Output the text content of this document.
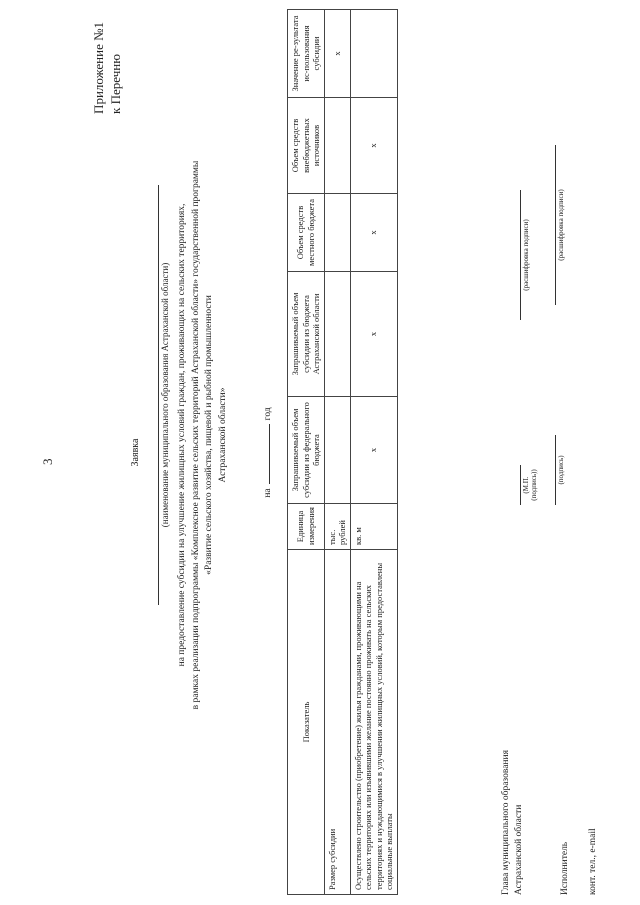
3
Приложение №1 к Перечню
Заявка (наименование муниципального образования Астраханской области) на предоставление субсидии на улучшение жилищных условий граждан, проживающих на сельских территориях, в рамках реализации подпрограммы «Комплексное развитие сельских территорий Астраханской области» государственной программы «Развитие сельского хозяйства, пищевой и рыбной промышленности Астраханской области»
нагод
Показатель	Единица измерения	Запрашиваемый объем субсидии из федерального бюджета	Запрашиваемый объем субсидии из бюджета Астраханской области	Объем средств местного бюджета	Объем средств внебюджетных источников	Значение ре-зультата ис-пользования субсидии
Размер субсидии	тыс. рублей					х
Осуществлено строительство (приобретение) жилья гражданами, проживающими на сельских территориях или изъявившими желание постоянно проживать на сельских территориях и нуждающимися в улучшении жилищных условий, которым предоставлены социальные выплаты	кв. м	х	х	х	х	
Глава муниципального образования Астраханской области
(М.П. (подпись))
(расшифровка подписи)
Исполнитель
(подпись)
(расшифровка подписи)
конт. тел., e-mail
